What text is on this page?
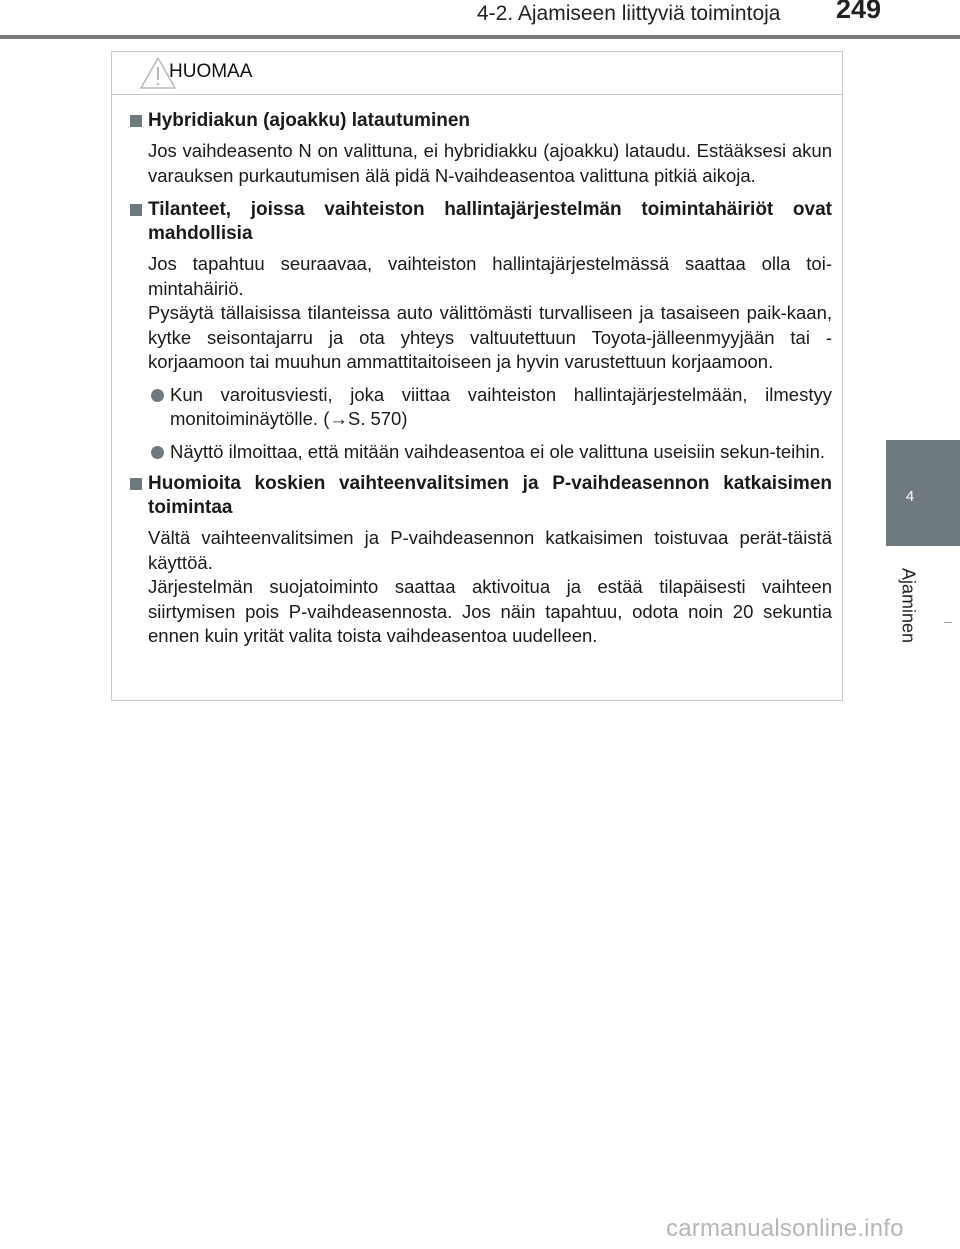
4-2. Ajamiseen liittyviä toimintoja 249
4
Ajaminen
HUOMAA
Hybridiakun (ajoakku) latautuminen

Jos vaihdeasento N on valittuna, ei hybridiakku (ajoakku) lataudu. Estääksesi akun varauksen purkautumisen älä pidä N-vaihdeasentoa valittuna pitkiä aikoja.

Tilanteet, joissa vaihteiston hallintajärjestelmän toimintahäiriöt ovat mahdollisia

Jos tapahtuu seuraavaa, vaihteiston hallintajärjestelmässä saattaa olla toi-mintahäiriö.

Pysäytä tällaisissa tilanteissa auto välittömästi turvalliseen ja tasaiseen paik-kaan, kytke seisontajarru ja ota yhteys valtuutettuun Toyota-jälleenmyyjään tai -korjaamoon tai muuhun ammattitaitoiseen ja hyvin varustettuun korjaamoon.

Kun varoitusviesti, joka viittaa vaihteiston hallintajärjestelmään, ilmestyy monitoiminäytölle. (→S. 570)
Näyttö ilmoittaa, että mitään vaihdeasentoa ei ole valittuna useisiin sekun-teihin.
Huomioita koskien vaihteenvalitsimen ja P-vaihdeasennon katkaisimen toimintaa

Vältä vaihteenvalitsimen ja P-vaihdeasennon katkaisimen toistuvaa perät-täistä käyttöä.

Järjestelmän suojatoiminto saattaa aktivoitua ja estää tilapäisesti vaihteen siirtymisen pois P-vaihdeasennosta. Jos näin tapahtuu, odota noin 20 sekuntia ennen kuin yrität valita toista vaihdeasentoa uudelleen.

carmanualsonline.info
